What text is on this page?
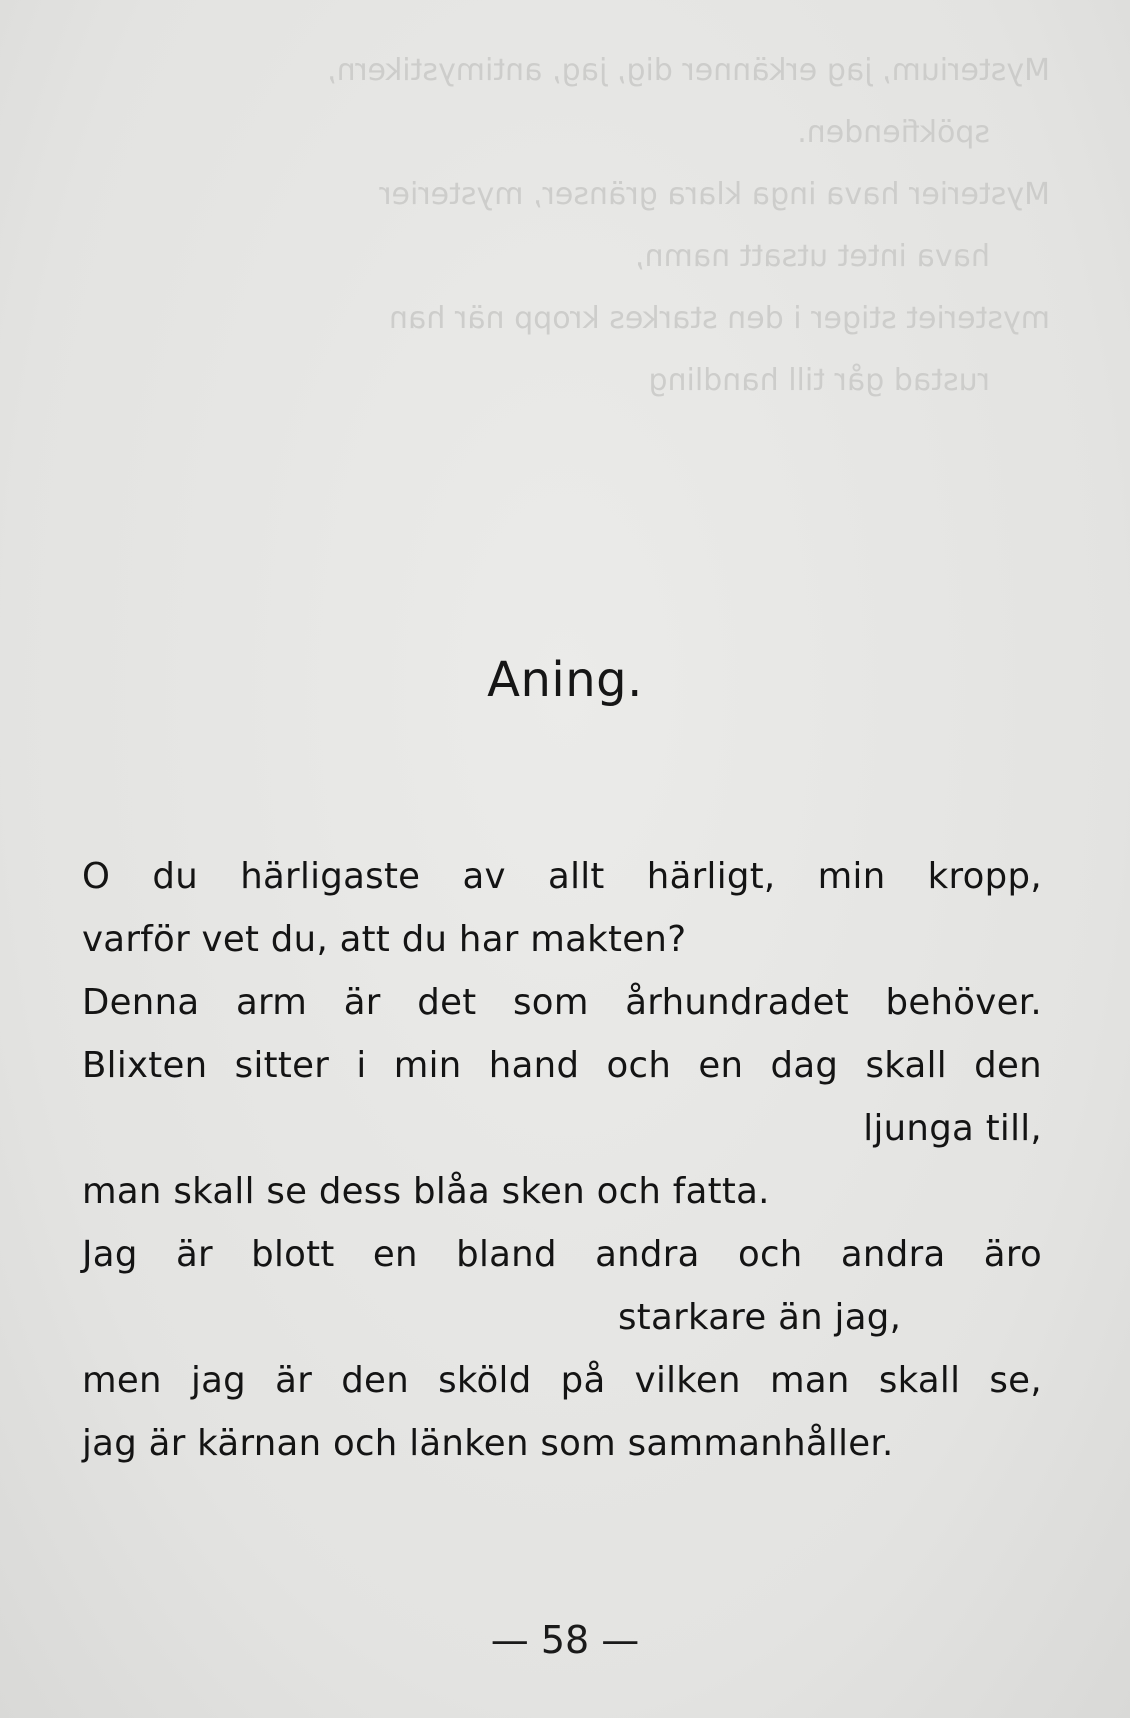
Mysterium, jag erkänner dig, jag, antimystikern,
spökfienden.
Mysterier hava inga klara gränser, mysterier
hava intet utsatt namn,
mysteriet stiger i den starkes kropp när han
rustad går till handling
Aning.
O du härligaste av allt härligt, min kropp,
varför vet du, att du har makten?
Denna arm är det som århundradet behöver.
Blixten sitter i min hand och en dag skall den
ljunga till,
man skall se dess blåa sken och fatta.
Jag är blott en bland andra och andra äro
starkare än jag,
men jag är den sköld på vilken man skall se,
jag är kärnan och länken som sammanhåller.
— 58 —
